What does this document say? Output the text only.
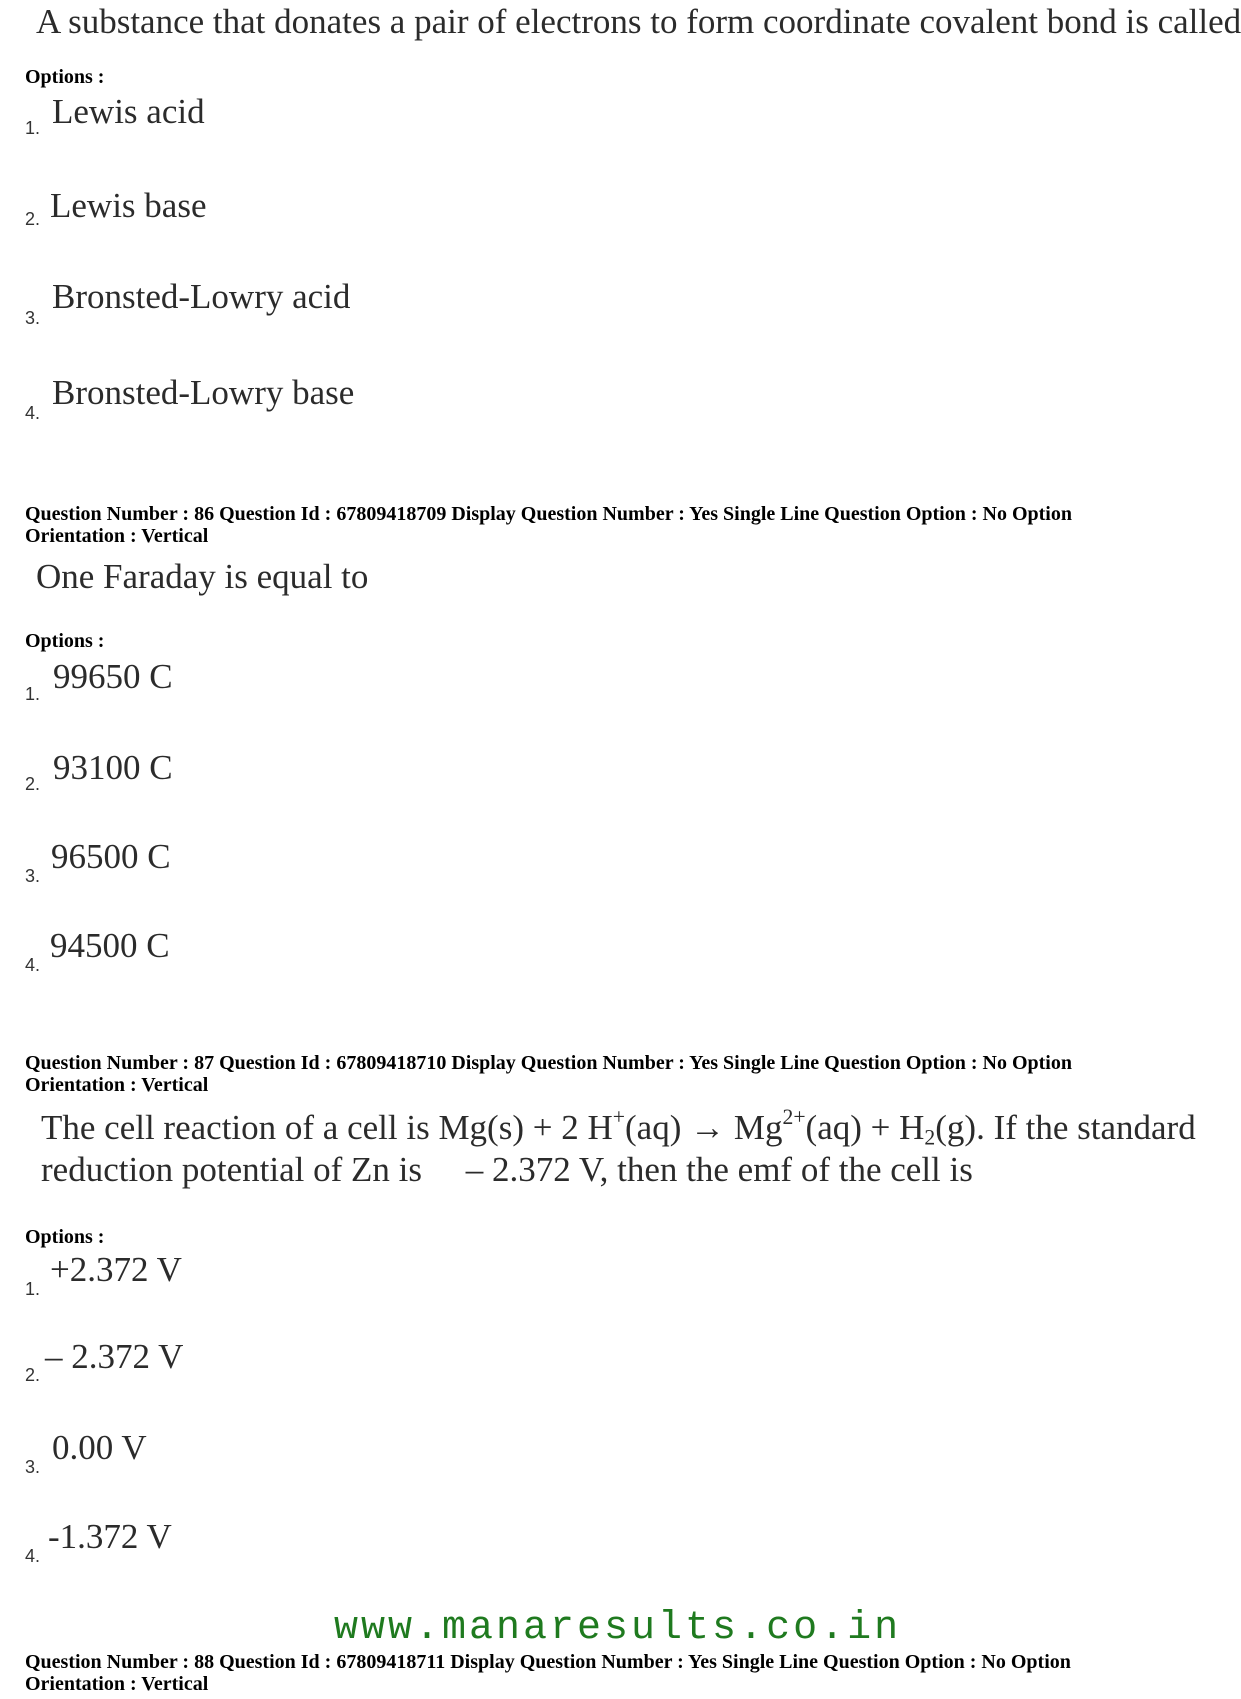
A substance that donates a pair of electrons to form coordinate covalent bond is called
Options :
1. Lewis acid
2. Lewis base
3.
Bronsted-Lowry acid
4.
Bronsted-Lowry base
Question Number : 86 Question Id : 67809418709 Display Question Number : Yes Single Line Question Option : No Option
Orientation : Vertical
One Faraday is equal to
Options :
1. 99650 C
2. 93100 C
3. 96500 C
4. 94500 C
Question Number : 87 Question Id : 67809418710 Display Question Number : Yes Single Line Question Option : No Option
Orientation : Vertical
The cell reaction of a cell is Mg(s) + 2 $H^+(aq) \to Mg^{2+}(aq) + H_2(g)$. If the standard
reduction potential of Zn is     – 2.372 V, then the emf of the cell is
Options :
1. +2.372 V
2. – 2.372 V
3. 0.00 V
4. -1.372 V
www.manaresults.co.in
Question Number : 88 Question Id : 67809418711 Display Question Number : Yes Single Line Question Option : No Option
Orientation : Vertical
